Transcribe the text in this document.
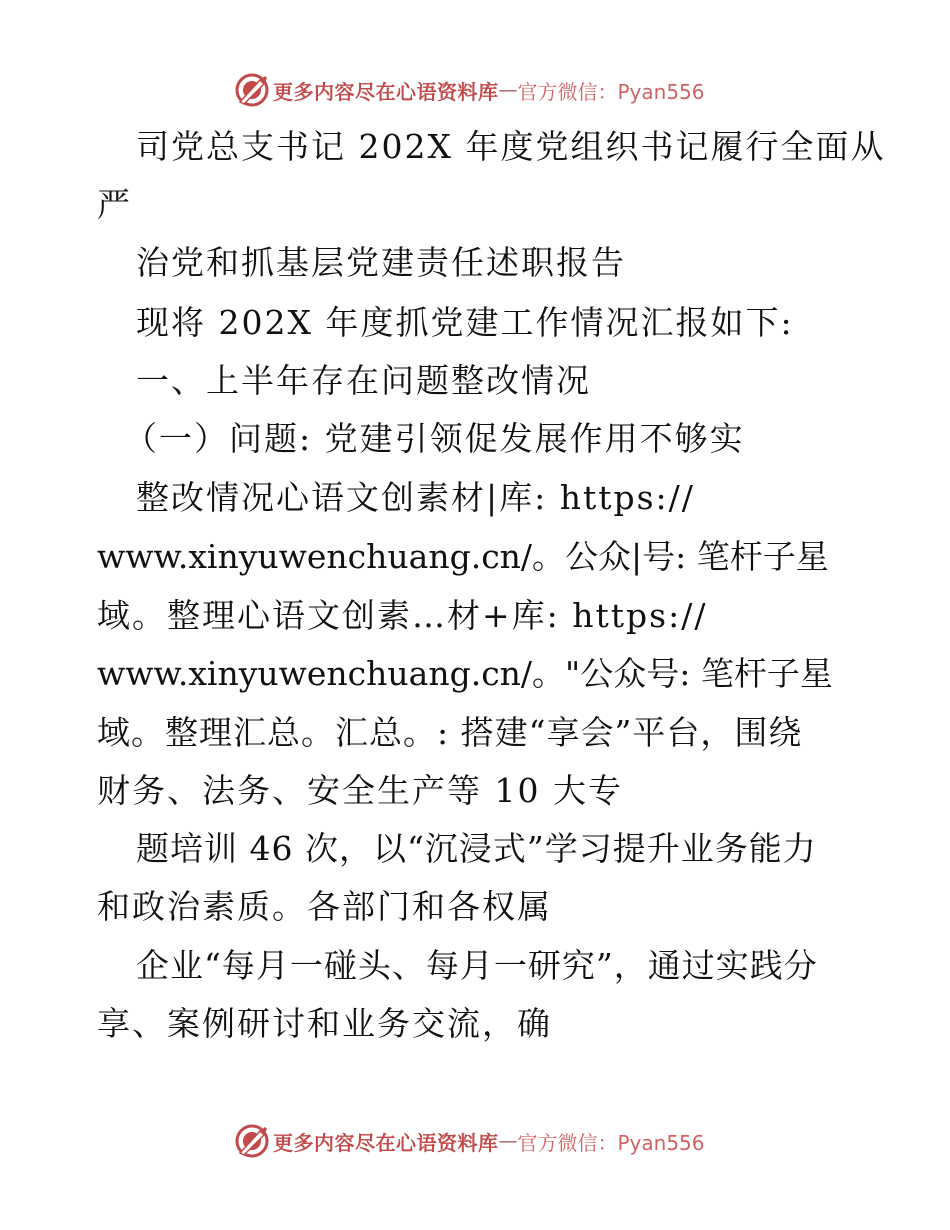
更多内容尽在心语资料库 — 官方微信：Pyan556
司党总支书记 202X 年度党组织书记履行全面从
严
治党和抓基层党建责任述职报告
现将 202X 年度抓党建工作情况汇报如下:
一、上半年存在问题整改情况
（一）问题: 党建引领促发展作用不够实
整改情况心语文创素材|库: https://
www.xinyuwenchuang.cn/。公众|号: 笔杆子星
域。整理心语文创素…材+库: https://
www.xinyuwenchuang.cn/。"公众号: 笔杆子星
域。整理汇总。汇总。: 搭建“享会”平台，围绕
财务、法务、安全生产等 10 大专
题培训 46 次，以“沉浸式”学习提升业务能力
和政治素质。各部门和各权属
企业“每月一碰头、每月一研究”，通过实践分
享、案例研讨和业务交流，确
更多内容尽在心语资料库 — 官方微信：Pyan556
